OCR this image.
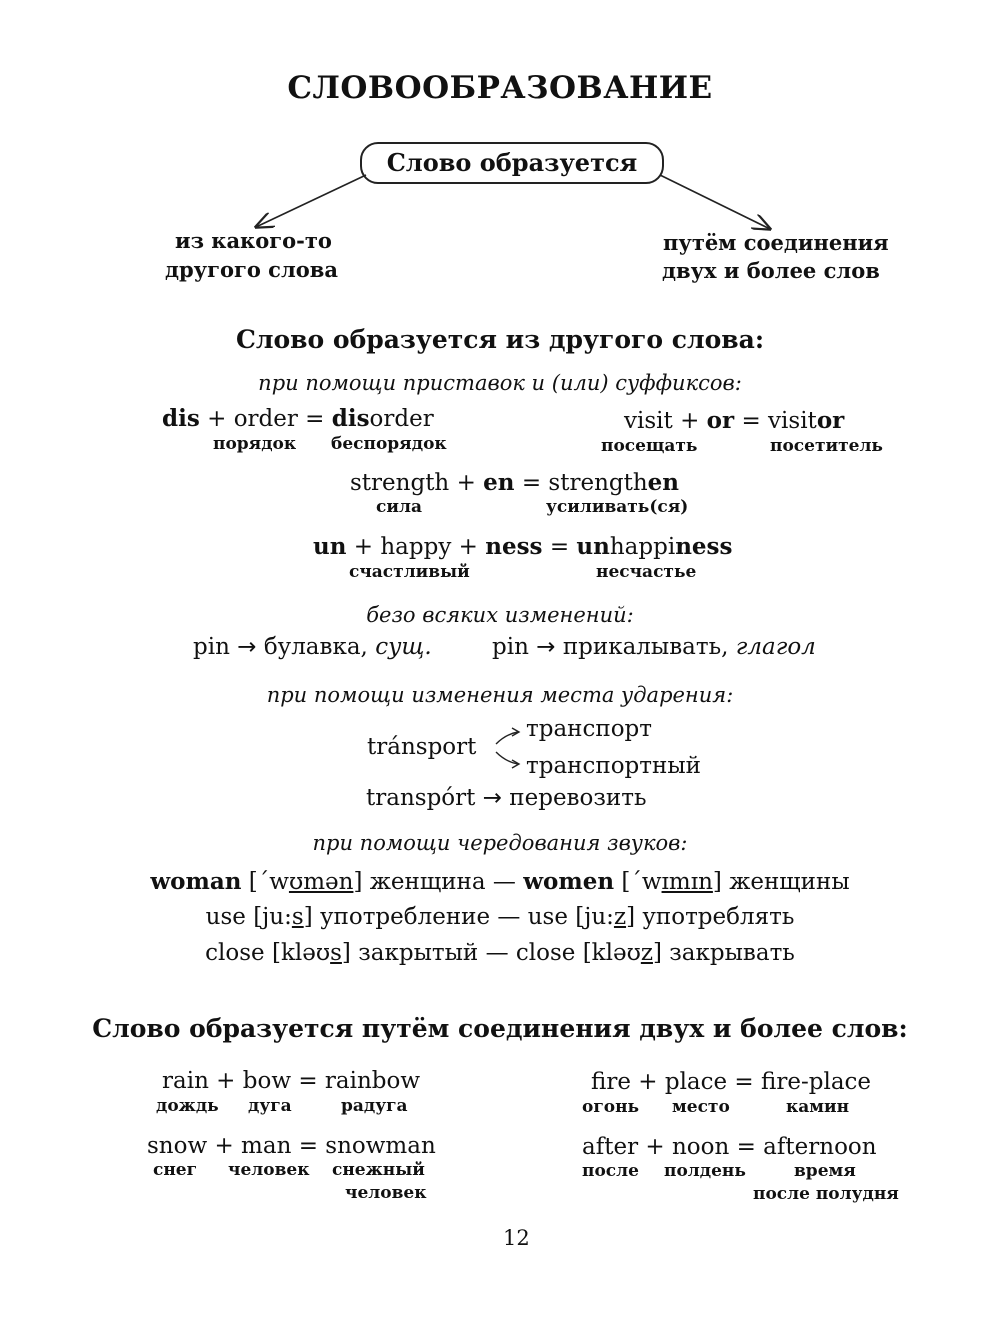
СЛОВООБРАЗОВАНИЕ
Слово образуется
из какого-то
другого слова
путём соединения
двух и более слов
Слово образуется из другого слова:
при помощи приставок и (или) суффиксов:
dis + order = disorder
порядок беспорядок
visit + or = visitor
посещать	посетитель
strength + en = strengthen
сила	усиливать(ся)
un + happy + ness = unhappiness
счастливый	несчастье
безо всяких изменений:
pin → булавка, сущ.	pin → прикалывать, глагол
при помощи изменения места ударения:
tránsport
транспорт
транспортный
transpórt → перевозить
при помощи чередования звуков:
woman [ˊwʊmən] женщина — women [ˊwɪmɪn] женщины
use [ju:s] употребление — use [ju:z] употреблять
close [kləʊs] закрытый — close [kləʊz] закрывать
Слово образуется путём соединения двух и более слов:
rain + bow = rainbow
дождь дуга	радуга
fire + place = fire-place
огонь место	камин
snow + man = snowman
снег человек снежный
человек
after + noon = afternoon
после полдень	время
после полудня
12
